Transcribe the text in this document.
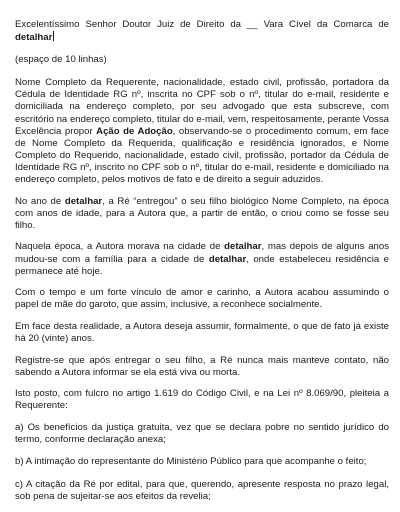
Excelentíssimo Senhor Doutor Juiz de Direito da __ Vara Cível da Comarca de detalhar

(espaço de 10 linhas)

Nome Completo da Requerente, nacionalidade, estado civil, profissão, portadora da Cédula de Identidade RG nº, inscrita no CPF sob o nº, titular do e-mail, residente e domiciliada na endereço completo, por seu advogado que esta subscreve, com escritório na endereço completo, titular do e-mail, vem, respeitosamente, perante Vossa Excelência propor Ação de Adoção, observando-se o procedimento comum, em face de Nome Completo da Requerida, qualificação e residência ignorados, e Nome Completo do Requerido, nacionalidade, estado civil, profissão, portador da Cédula de Identidade RG nº, inscrito no CPF sob o nº, titular do e-mail, residente e domiciliado na endereço completo, pelos motivos de fato e de direito a seguir aduzidos.

No ano de detalhar, a Ré “entregou” o seu filho biológico Nome Completo, na época com anos de idade, para a Autora que, a partir de então, o criou como se fosse seu filho.

Naquela época, a Autora morava na cidade de detalhar, mas depois de alguns anos mudou-se com a família para a cidade de detalhar, onde estabeleceu residência e permanece até hoje.

Com o tempo e um forte vínculo de amor e carinho, a Autora acabou assumindo o papel de mãe do garoto, que assim, inclusive, a reconhece socialmente.

Em face desta realidade, a Autora deseja assumir, formalmente, o que de fato já existe há 20 (vinte) anos.

Registre-se que após entregar o seu filho, a Ré nunca mais manteve contato, não sabendo a Autora informar se ela está viva ou morta.

Isto posto, com fulcro no artigo 1.619 do Código Civil, e na Lei nº 8.069/90, pleiteia a Requerente:

a) Os benefícios da justiça gratuita, vez que se declara pobre no sentido jurídico do termo, conforme declaração anexa;

b) A intimação do representante do Ministério Público para que acompanhe o feito;

c) A citação da Ré por edital, para que, querendo, apresente resposta no prazo legal, sob pena de sujeitar-se aos efeitos da revelia;
